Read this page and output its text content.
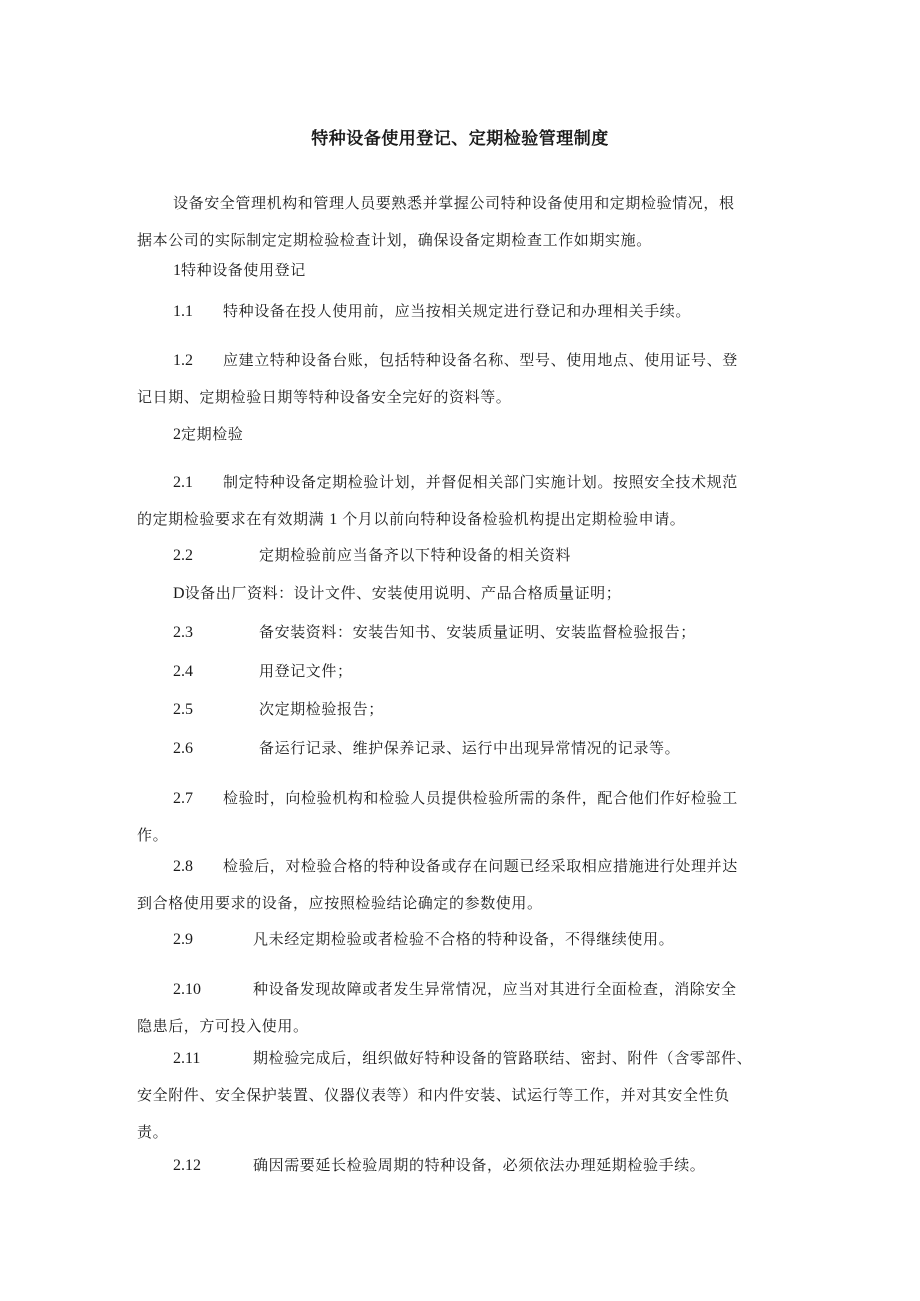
特种设备使用登记、定期检验管理制度
设备安全管理机构和管理人员要熟悉并掌握公司特种设备使用和定期检验情况，根
据本公司的实际制定定期检验检查计划，确保设备定期检查工作如期实施。
1特种设备使用登记
1.1 特种设备在投人使用前，应当按相关规定进行登记和办理相关手续。
1.2 应建立特种设备台账，包括特种设备名称、型号、使用地点、使用证号、登
记日期、定期检验日期等特种设备安全完好的资料等。
2定期检验
2.1 制定特种设备定期检验计划，并督促相关部门实施计划。按照安全技术规范
的定期检验要求在有效期满 1 个月以前向特种设备检验机构提出定期检验申请。
2.2	定期检验前应当备齐以下特种设备的相关资料
D设备出厂资料：设计文件、安装使用说明、产品合格质量证明；
2.3	备安装资料：安装告知书、安装质量证明、安装监督检验报告；
2.4	用登记文件；
2.5	次定期检验报告；
2.6	备运行记录、维护保养记录、运行中出现异常情况的记录等。
2.7 检验时，向检验机构和检验人员提供检验所需的条件，配合他们作好检验工
作。
2.8 检验后，对检验合格的特种设备或存在问题已经采取相应措施进行处理并达
到合格使用要求的设备，应按照检验结论确定的参数使用。
2.9	凡未经定期检验或者检验不合格的特种设备，不得继续使用。
2.10	种设备发现故障或者发生异常情况，应当对其进行全面检查，消除安全
隐患后，方可投入使用。
2.11	期检验完成后，组织做好特种设备的管路联结、密封、附件（含零部件、
安全附件、安全保护装置、仪器仪表等）和内件安装、试运行等工作，并对其安全性负
责。
2.12	确因需要延长检验周期的特种设备，必须依法办理延期检验手续。
